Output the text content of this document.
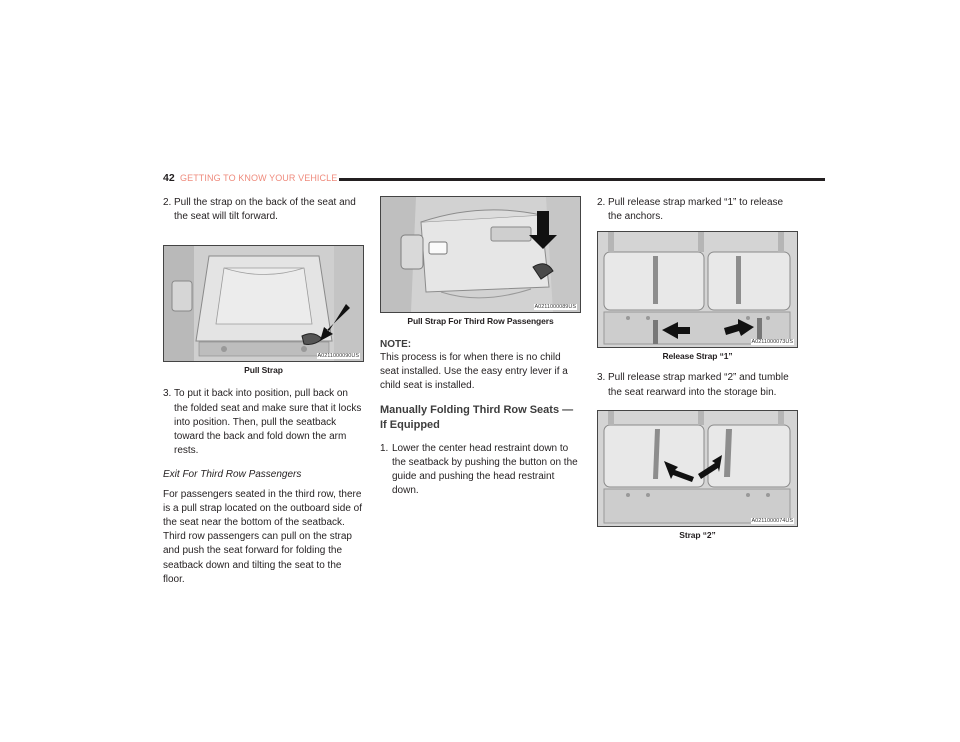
42 GETTING TO KNOW YOUR VEHICLE
2. Pull the strap on the back of the seat and the seat will tilt forward.
A0211000090US
Pull Strap
3. To put it back into position, pull back on the folded seat and make sure that it locks into position. Then, pull the seatback toward the back and fold down the arm rests.

Exit For Third Row Passengers

For passengers seated in the third row, there is a pull strap located on the outboard side of the seat near the bottom of the seatback. Third row passengers can pull on the strap and push the seat forward for folding the seatback down and tilting the seat to the floor.

A0211000089US
Pull Strap For Third Row Passengers

NOTE:

This process is for when there is no child seat installed. Use the easy entry lever if a child seat is installed.

Manually Folding Third Row Seats — If Equipped

1. Lower the center head restraint down to the seatback by pushing the button on the guide and pushing the head restraint down.
2. Pull release strap marked “1” to release the anchors.
A0211000073US
Release Strap “1”
3. Pull release strap marked “2” and tumble the seat rearward into the storage bin.
A0211000074US
Strap “2”
